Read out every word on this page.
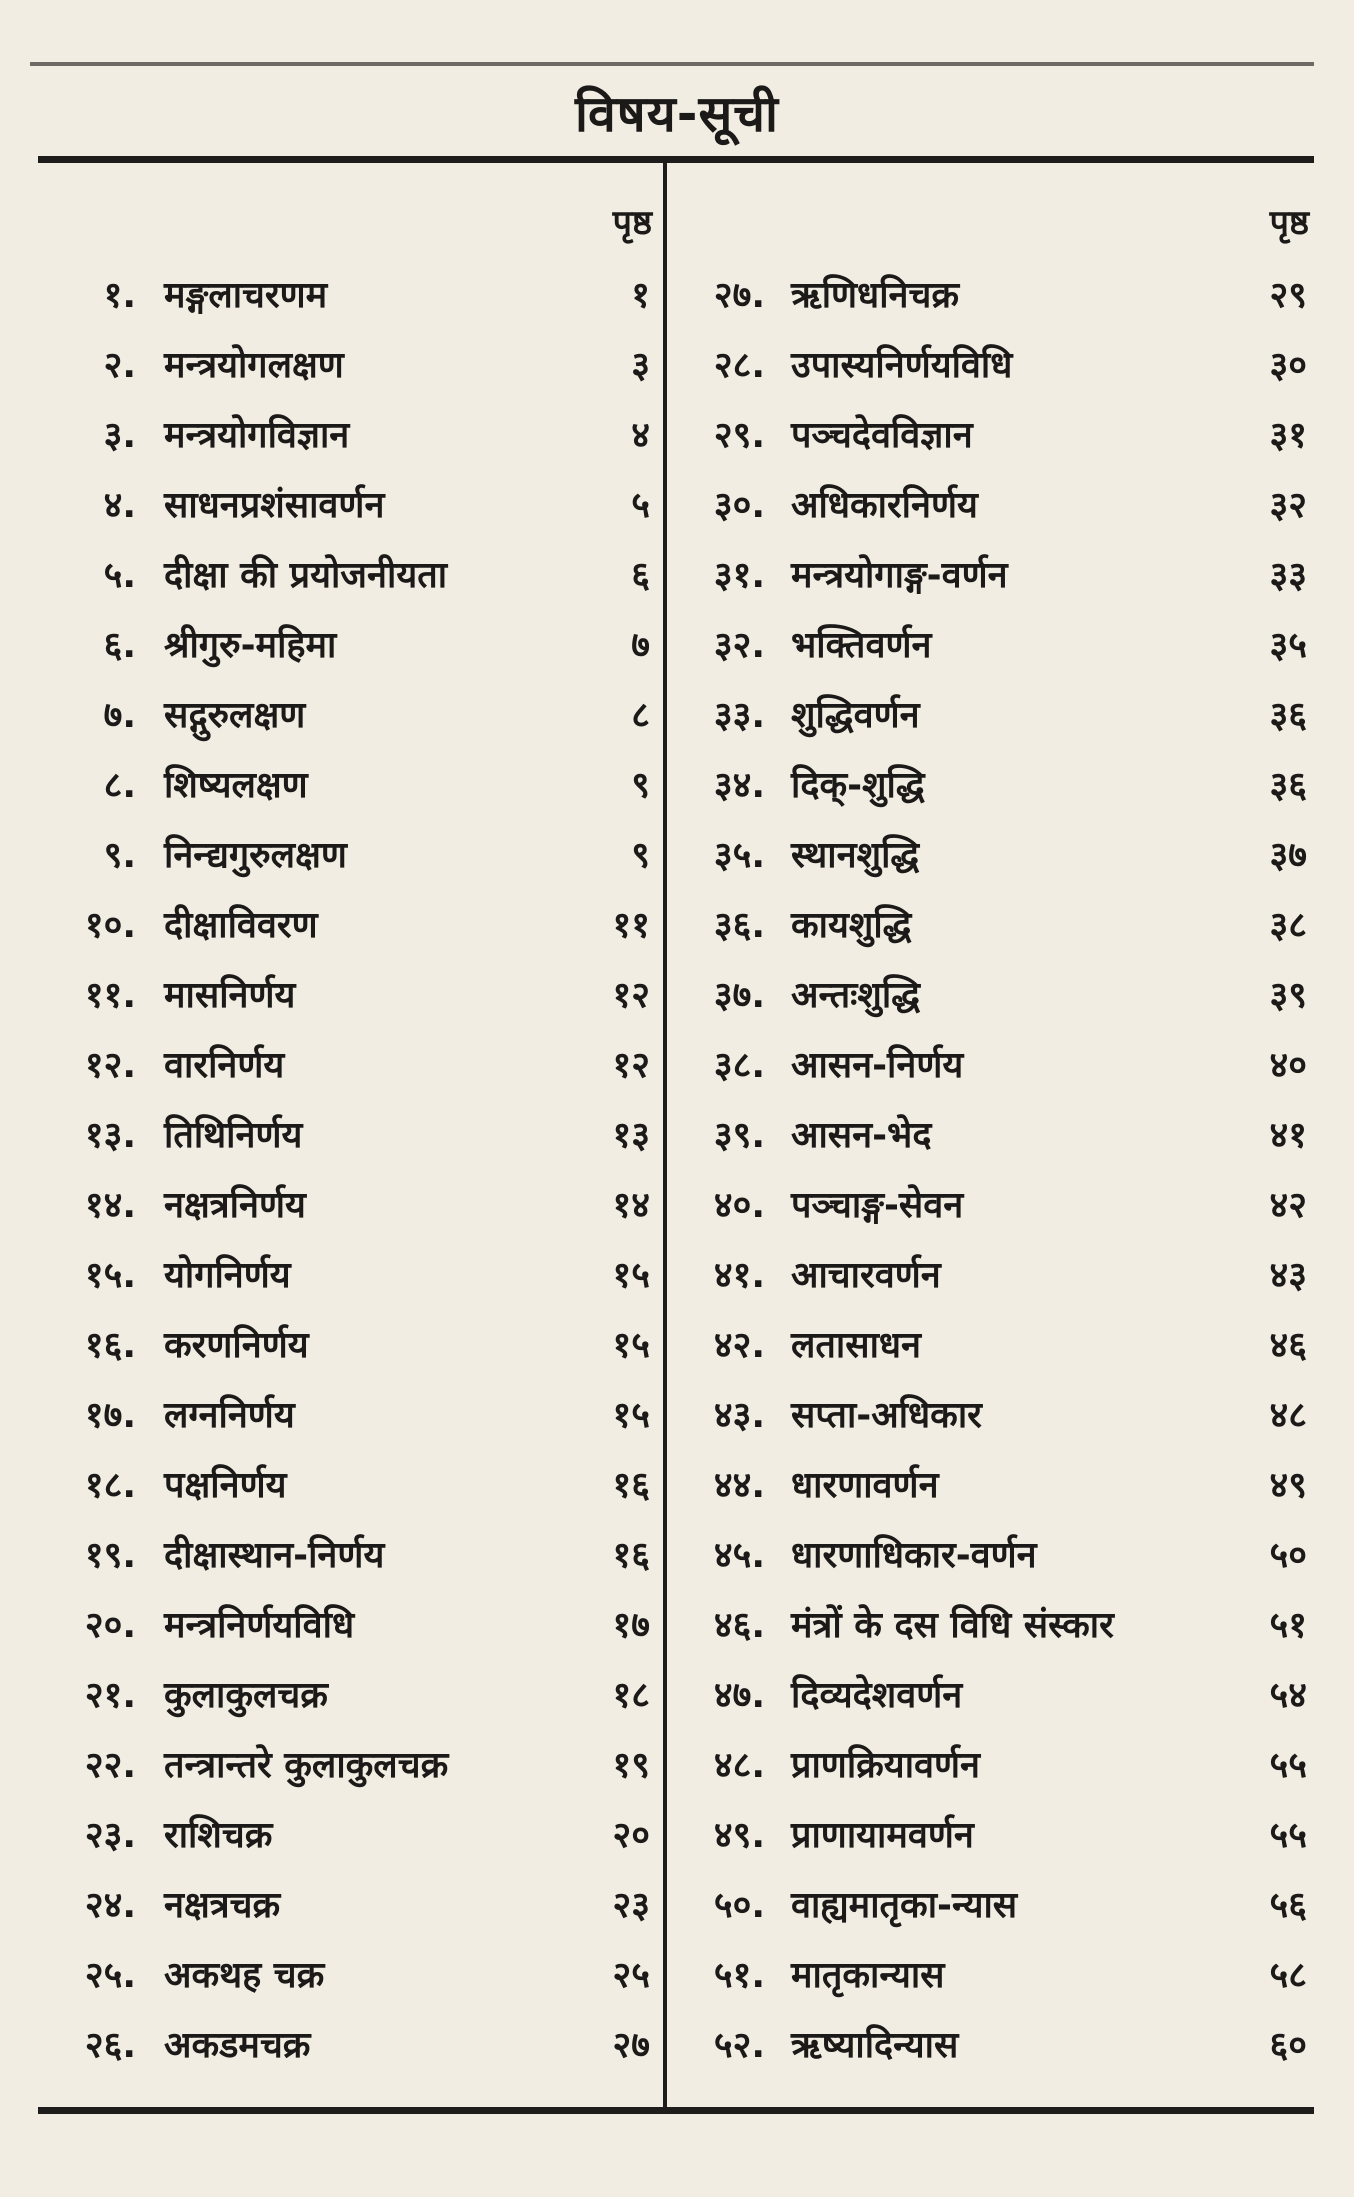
विषय-सूची
पृष्ठ
१. मङ्गलाचरणम	१
२. मन्त्रयोगलक्षण	३
३. मन्त्रयोगविज्ञान	४
४. साधनप्रशंसावर्णन	५
५. दीक्षा की प्रयोजनीयता	६
६. श्रीगुरु-महिमा	७
७. सद्गुरुलक्षण	८
८. शिष्यलक्षण	९
९. निन्द्यगुरुलक्षण	९
१०. दीक्षाविवरण	११
११. मासनिर्णय	१२
१२. वारनिर्णय	१२
१३. तिथिनिर्णय	१३
१४. नक्षत्रनिर्णय	१४
१५. योगनिर्णय	१५
१६. करणनिर्णय	१५
१७. लग्ननिर्णय	१५
१८. पक्षनिर्णय	१६
१९. दीक्षास्थान-निर्णय	१६
२०. मन्त्रनिर्णयविधि	१७
२१. कुलाकुलचक्र	१८
२२. तन्त्रान्तरे कुलाकुलचक्र	१९
२३. राशिचक्र	२०
२४. नक्षत्रचक्र	२३
२५. अकथह चक्र	२५
२६. अकडमचक्र	२७
पृष्ठ
२७. ऋणिधनिचक्र	२९
२८. उपास्यनिर्णयविधि	३०
२९. पञ्चदेवविज्ञान	३१
३०. अधिकारनिर्णय	३२
३१. मन्त्रयोगाङ्ग-वर्णन	३३
३२. भक्तिवर्णन	३५
३३. शुद्धिवर्णन	३६
३४. दिक्-शुद्धि	३६
३५. स्थानशुद्धि	३७
३६. कायशुद्धि	३८
३७. अन्तःशुद्धि	३९
३८. आसन-निर्णय	४०
३९. आसन-भेद	४१
४०. पञ्चाङ्ग-सेवन	४२
४१. आचारवर्णन	४३
४२. लतासाधन	४६
४३. सप्ता-अधिकार	४८
४४. धारणावर्णन	४९
४५. धारणाधिकार-वर्णन	५०
४६. मंत्रों के दस विधि संस्कार	५१
४७. दिव्यदेशवर्णन	५४
४८. प्राणक्रियावर्णन	५५
४९. प्राणायामवर्णन	५५
५०. वाह्यमातृका-न्यास	५६
५१. मातृकान्यास	५८
५२. ऋष्यादिन्यास	६०
